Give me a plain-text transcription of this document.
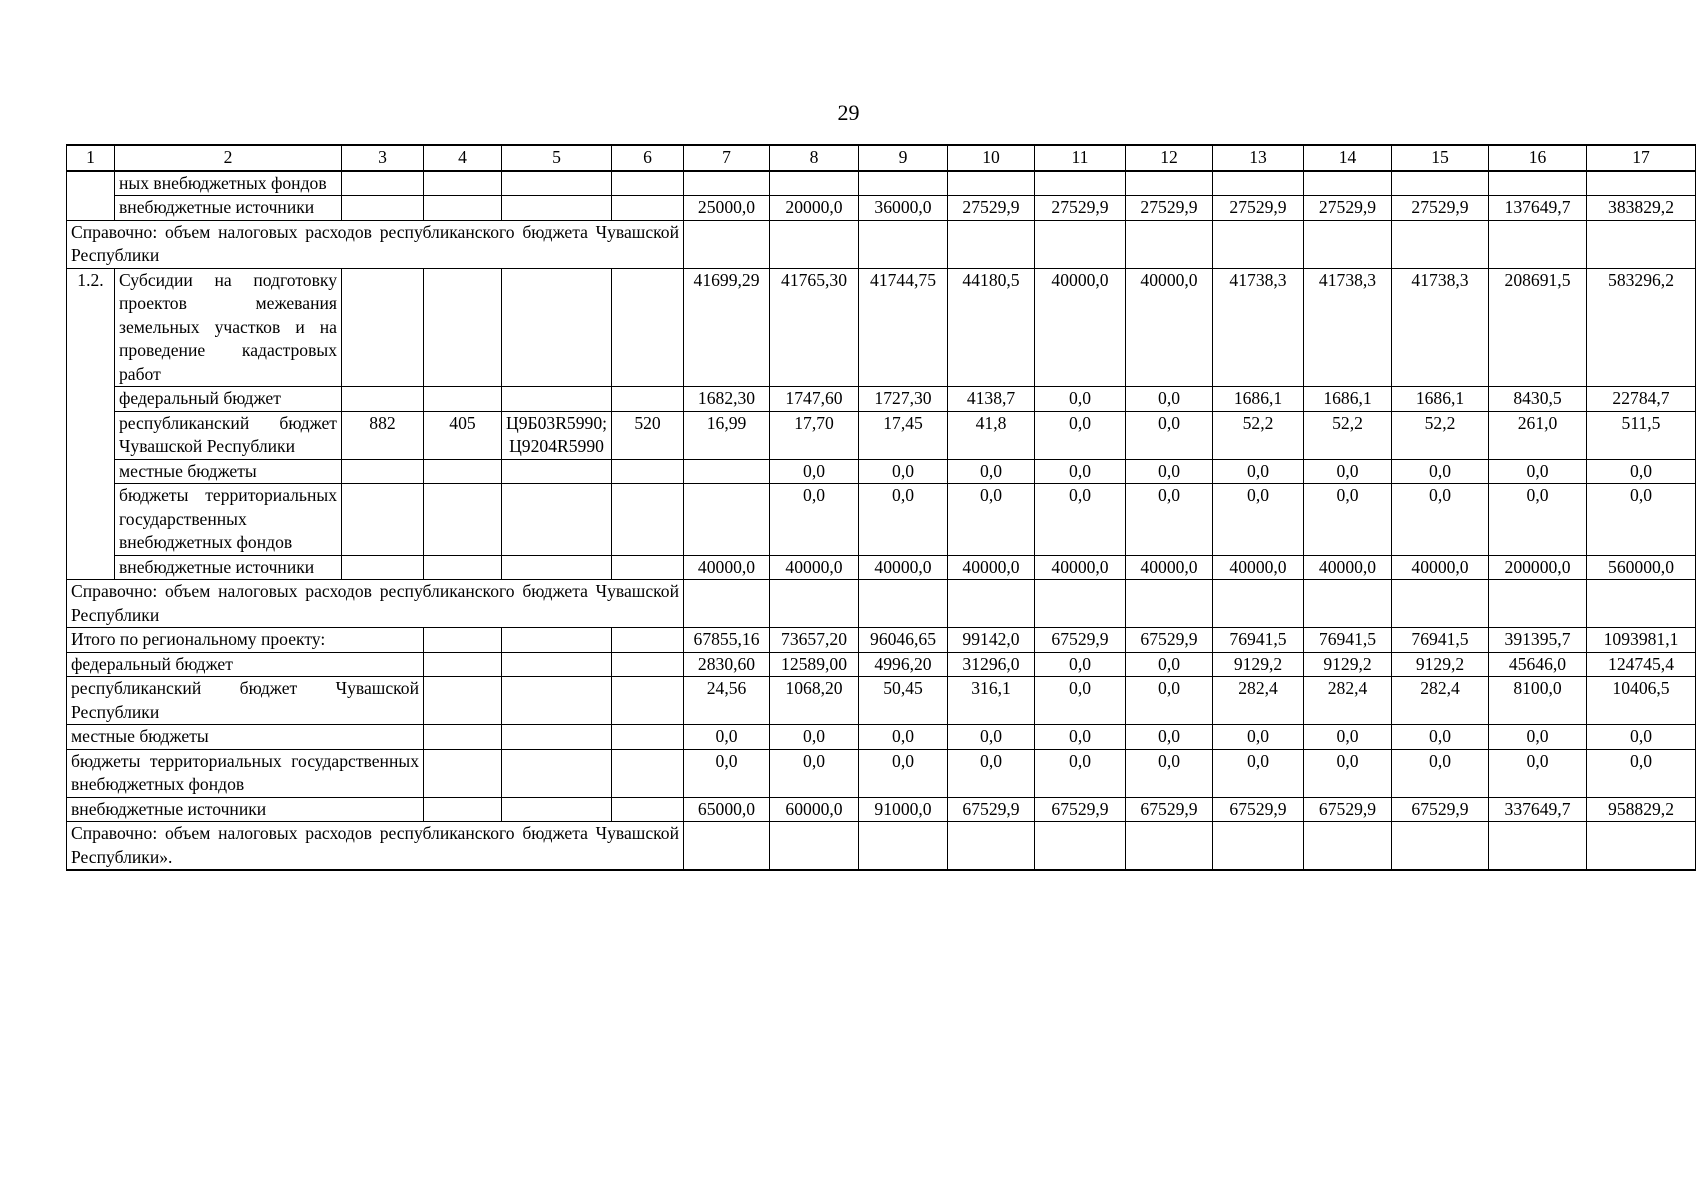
29
1	2	3	4	5	6	7	8	9	10	11	12	13	14	15	16	17
	ных внебюджетных фондов															
	внебюджетные источники					25000,0	20000,0	36000,0	27529,9	27529,9	27529,9	27529,9	27529,9	27529,9	137649,7	383829,2
Справочно: объем налоговых расходов республиканского бюджета Чувашской Республики																
1.2.	Субсидии на подготовку проектов межевания земельных участков и на проведение кадастровых работ					41699,29	41765,30	41744,75	44180,5	40000,0	40000,0	41738,3	41738,3	41738,3	208691,5	583296,2
	федеральный бюджет					1682,30	1747,60	1727,30	4138,7	0,0	0,0	1686,1	1686,1	1686,1	8430,5	22784,7
	республиканский бюджет Чувашской Республики	882	405	Ц9Б03R5990; Ц9204R5990	520	16,99	17,70	17,45	41,8	0,0	0,0	52,2	52,2	52,2	261,0	511,5
	местные бюджеты						0,0	0,0	0,0	0,0	0,0	0,0	0,0	0,0	0,0	0,0
	бюджеты территориальных государственных внебюджетных фондов						0,0	0,0	0,0	0,0	0,0	0,0	0,0	0,0	0,0	0,0
	внебюджетные источники					40000,0	40000,0	40000,0	40000,0	40000,0	40000,0	40000,0	40000,0	40000,0	200000,0	560000,0
Справочно: объем налоговых расходов республиканского бюджета Чувашской Республики																
Итого по региональному проекту:						67855,16	73657,20	96046,65	99142,0	67529,9	67529,9	76941,5	76941,5	76941,5	391395,7	1093981,1
федеральный бюджет						2830,60	12589,00	4996,20	31296,0	0,0	0,0	9129,2	9129,2	9129,2	45646,0	124745,4
республиканский бюджет Чувашской Республики						24,56	1068,20	50,45	316,1	0,0	0,0	282,4	282,4	282,4	8100,0	10406,5
местные бюджеты						0,0	0,0	0,0	0,0	0,0	0,0	0,0	0,0	0,0	0,0	0,0
бюджеты территориальных государственных внебюджетных фондов						0,0	0,0	0,0	0,0	0,0	0,0	0,0	0,0	0,0	0,0	0,0
внебюджетные источники						65000,0	60000,0	91000,0	67529,9	67529,9	67529,9	67529,9	67529,9	67529,9	337649,7	958829,2
Справочно: объем налоговых расходов республиканского бюджета Чувашской Республики».																
